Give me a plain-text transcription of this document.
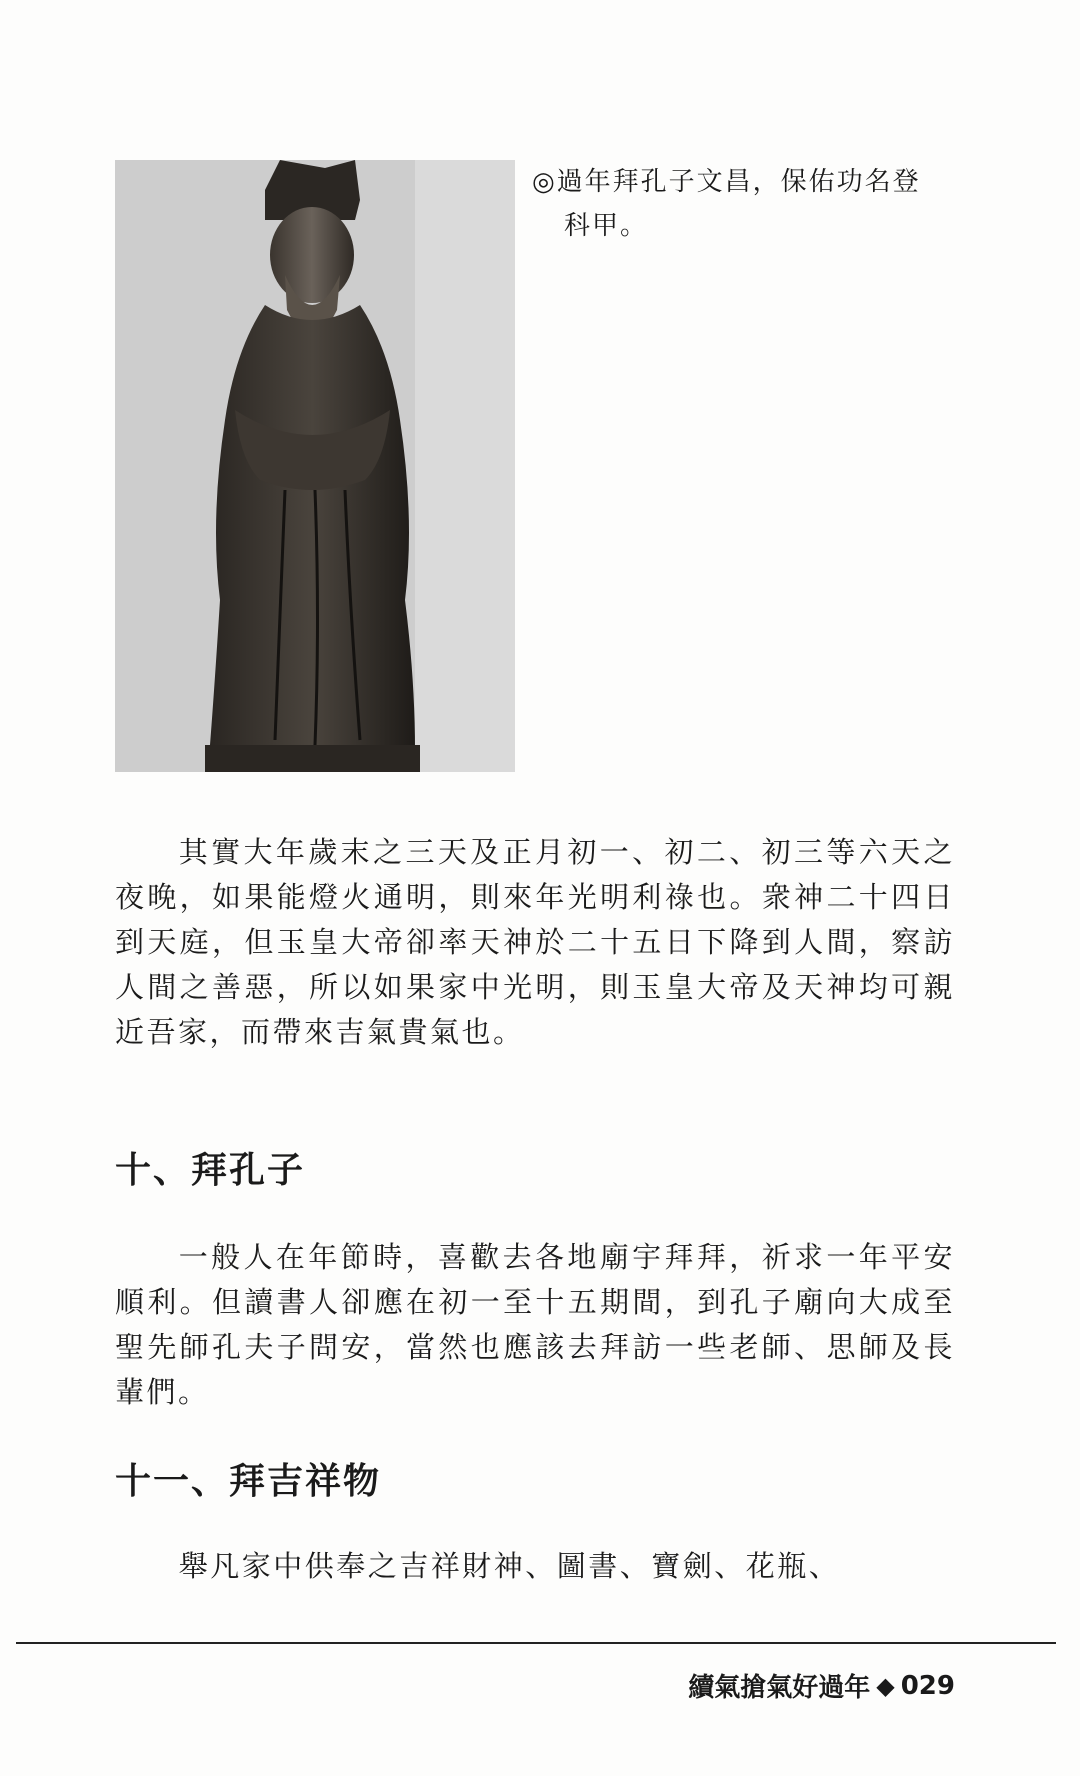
◎過年拜孔子文昌，保佑功名登

科甲。

其實大年歲末之三天及正月初一、初二、初三等六天之夜晚，如果能燈火通明，則來年光明利祿也。衆神二十四日到天庭，但玉皇大帝卻率天神於二十五日下降到人間，察訪人間之善惡，所以如果家中光明，則玉皇大帝及天神均可親近吾家，而帶來吉氣貴氣也。

十、拜孔子

一般人在年節時，喜歡去各地廟宇拜拜，祈求一年平安順利。但讀書人卻應在初一至十五期間，到孔子廟向大成至聖先師孔夫子問安，當然也應該去拜訪一些老師、思師及長輩們。

十一、拜吉祥物

舉凡家中供奉之吉祥財神、圖書、寶劍、花瓶、

續氣搶氣好過年 ◆ 029
